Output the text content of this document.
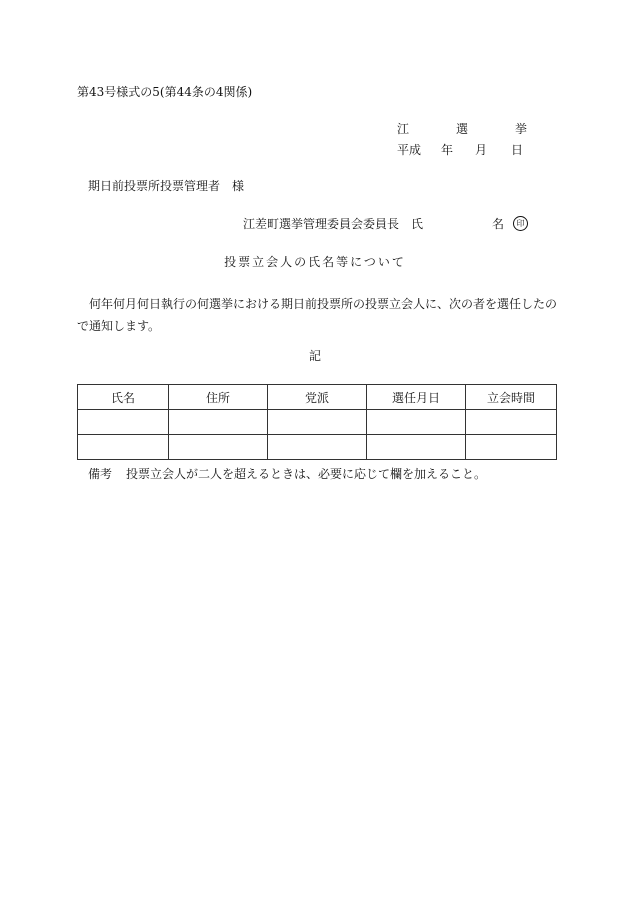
第43号様式の5(第44条の4関係)
江	選	挙
平成	年	月	日
期日前投票所投票管理者　様
江差町選挙管理委員会委員長　氏	名	印
投票立会人の氏名等について
何年何月何日執行の何選挙における期日前投票所の投票立会人に、次の者を選任したので通知します。
記
氏名	住所	党派	選任月日	立会時間

備考 投票立会人が二人を超えるときは、必要に応じて欄を加えること。
